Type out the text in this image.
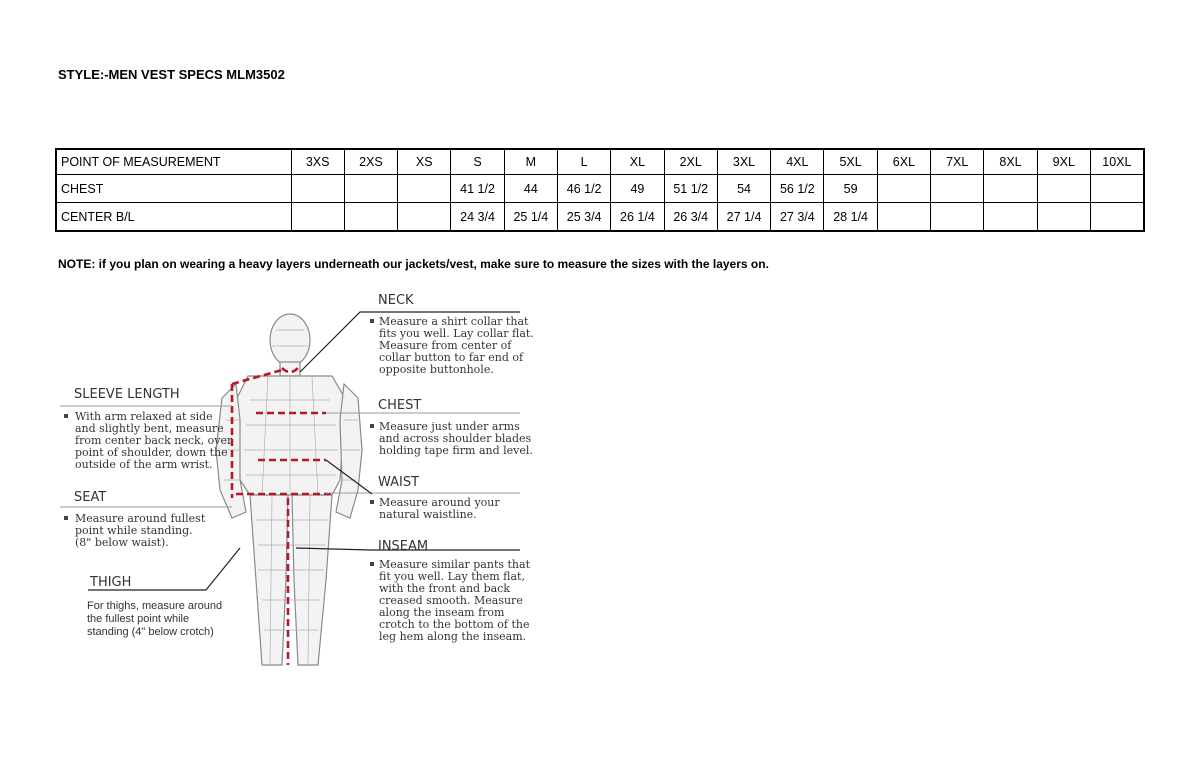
STYLE:-MEN VEST SPECS MLM3502
POINT OF MEASUREMENT	3XS	2XS	XS	S	M	L	XL	2XL	3XL	4XL	5XL	6XL	7XL	8XL	9XL	10XL
CHEST				41 1/2	44	46 1/2	49	51 1/2	54	56 1/2	59					
CENTER B/L				24 3/4	25 1/4	25 3/4	26 1/4	26 3/4	27 1/4	27 3/4	28 1/4					
NOTE: if you plan on wearing a heavy layers underneath our jackets/vest, make sure to measure the sizes with the layers on.
NECK
Measure a shirt collar that fits you well. Lay collar flat. Measure from center of collar button to far end of opposite buttonhole.
CHEST
Measure just under arms and across shoulder blades holding tape firm and level.
WAIST
Measure around your natural waistline.
INSEAM
Measure similar pants that fit you well. Lay them flat, with the front and back creased smooth. Measure along the inseam from crotch to the bottom of the leg hem along the inseam.
SLEEVE LENGTH
With arm relaxed at side and slightly bent, measure from center back neck, over point of shoulder, down the outside of the arm wrist.
SEAT
Measure around fullest point while standing. (8" below waist).
THIGH
For thighs, measure around the fullest point while standing (4" below crotch)
